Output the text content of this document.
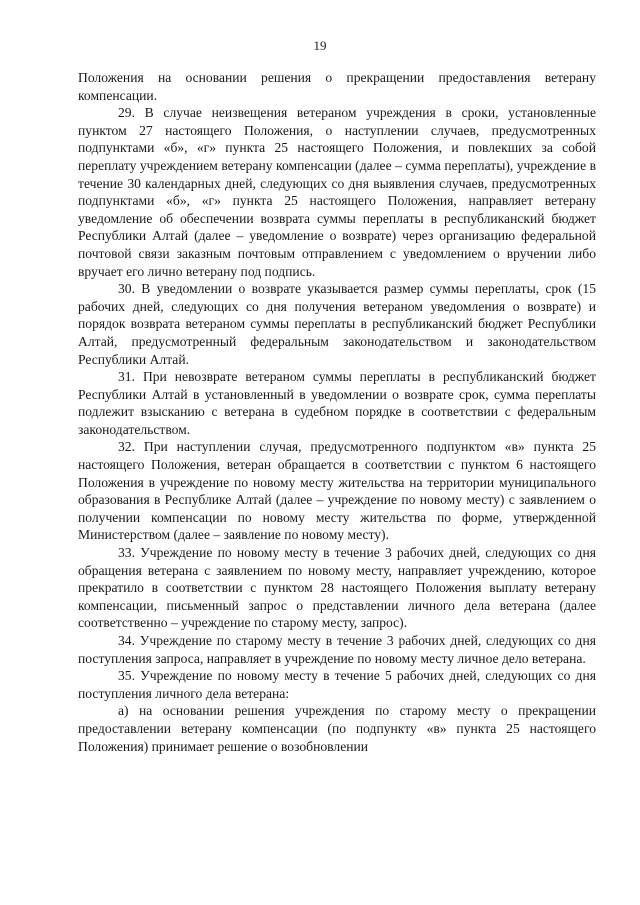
19

Положения на основании решения о прекращении предоставления ветерану компенсации.

29. В случае неизвещения ветераном учреждения в сроки, установленные пунктом 27 настоящего Положения, о наступлении случаев, предусмотренных подпунктами «б», «г» пункта 25 настоящего Положения, и повлекших за собой переплату учреждением ветерану компенсации (далее – сумма переплаты), учреждение в течение 30 календарных дней, следующих со дня выявления случаев, предусмотренных подпунктами «б», «г» пункта 25 настоящего Положения, направляет ветерану уведомление об обеспечении возврата суммы переплаты в республиканский бюджет Республики Алтай (далее – уведомление о возврате) через организацию федеральной почтовой связи заказным почтовым отправлением с уведомлением о вручении либо вручает его лично ветерану под подпись.

30. В уведомлении о возврате указывается размер суммы переплаты, срок (15 рабочих дней, следующих со дня получения ветераном уведомления о возврате) и порядок возврата ветераном суммы переплаты в республиканский бюджет Республики Алтай, предусмотренный федеральным законодательством и законодательством Республики Алтай.

31. При невозврате ветераном суммы переплаты в республиканский бюджет Республики Алтай в установленный в уведомлении о возврате срок, сумма переплаты подлежит взысканию с ветерана в судебном порядке в соответствии с федеральным законодательством.

32. При наступлении случая, предусмотренного подпунктом «в» пункта 25 настоящего Положения, ветеран обращается в соответствии с пунктом 6 настоящего Положения в учреждение по новому месту жительства на территории муниципального образования в Республике Алтай (далее – учреждение по новому месту) с заявлением о получении компенсации по новому месту жительства по форме, утвержденной Министерством (далее – заявление по новому месту).

33. Учреждение по новому месту в течение 3 рабочих дней, следующих со дня обращения ветерана с заявлением по новому месту, направляет учреждению, которое прекратило в соответствии с пунктом 28 настоящего Положения выплату ветерану компенсации, письменный запрос о представлении личного дела ветерана (далее соответственно – учреждение по старому месту, запрос).

34. Учреждение по старому месту в течение 3 рабочих дней, следующих со дня поступления запроса, направляет в учреждение по новому месту личное дело ветерана.

35. Учреждение по новому месту в течение 5 рабочих дней, следующих со дня поступления личного дела ветерана:

а) на основании решения учреждения по старому месту о прекращении предоставлении ветерану компенсации (по подпункту «в» пункта 25 настоящего Положения) принимает решение о возобновлении
